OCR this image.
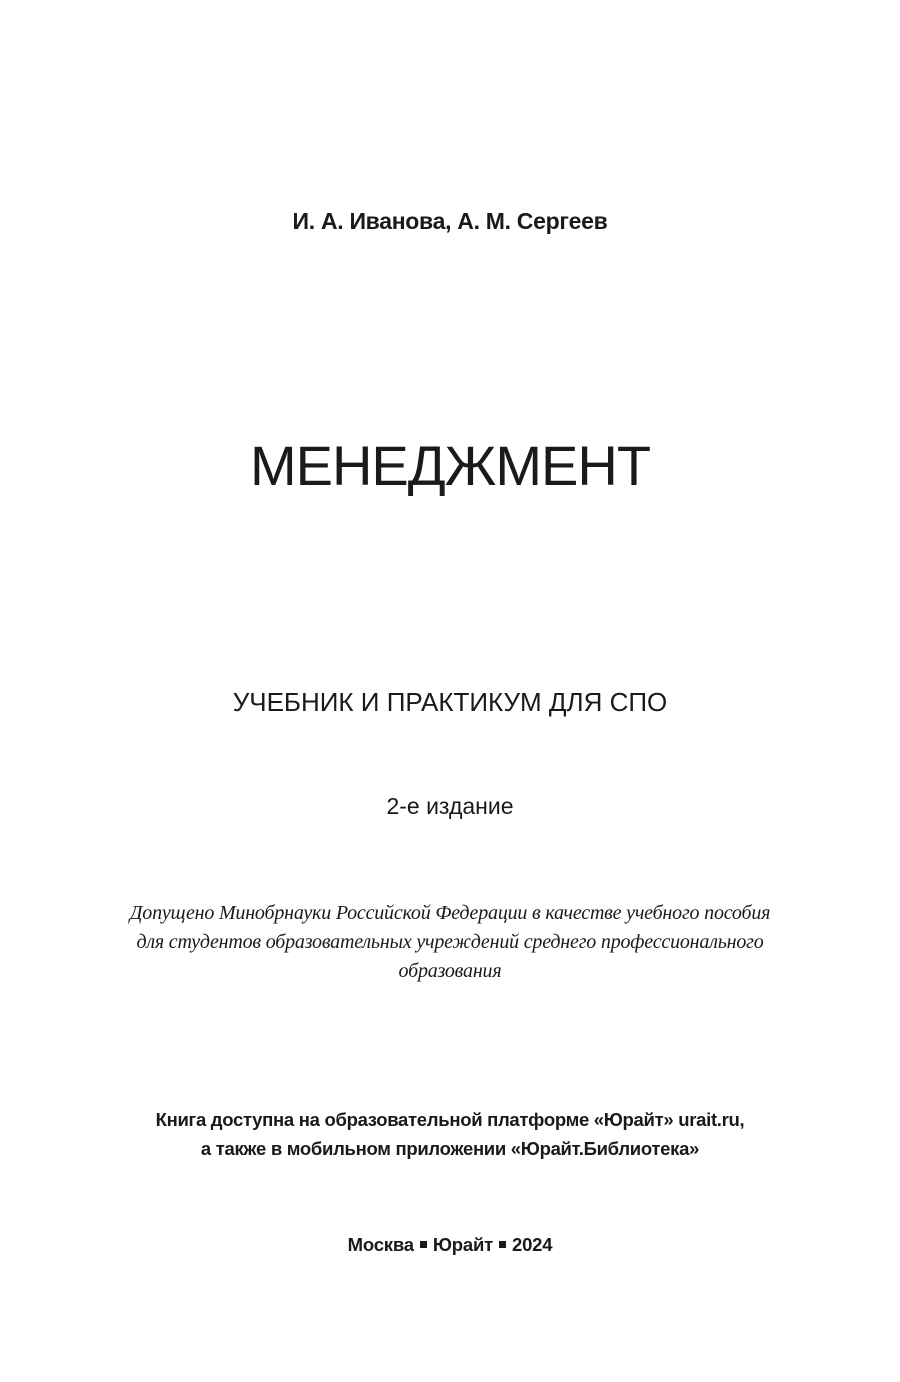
И. А. Иванова, А. М. Сергеев
МЕНЕДЖМЕНТ
УЧЕБНИК И ПРАКТИКУМ ДЛЯ СПО
2-е издание
Допущено Минобрнауки Российской Федерации в качестве учебного пособия
для студентов образовательных учреждений среднего профессионального
образования
Книга доступна на образовательной платформе «Юрайт» urait.ru,
а также в мобильном приложении «Юрайт.Библиотека»
Москва Юрайт 2024
